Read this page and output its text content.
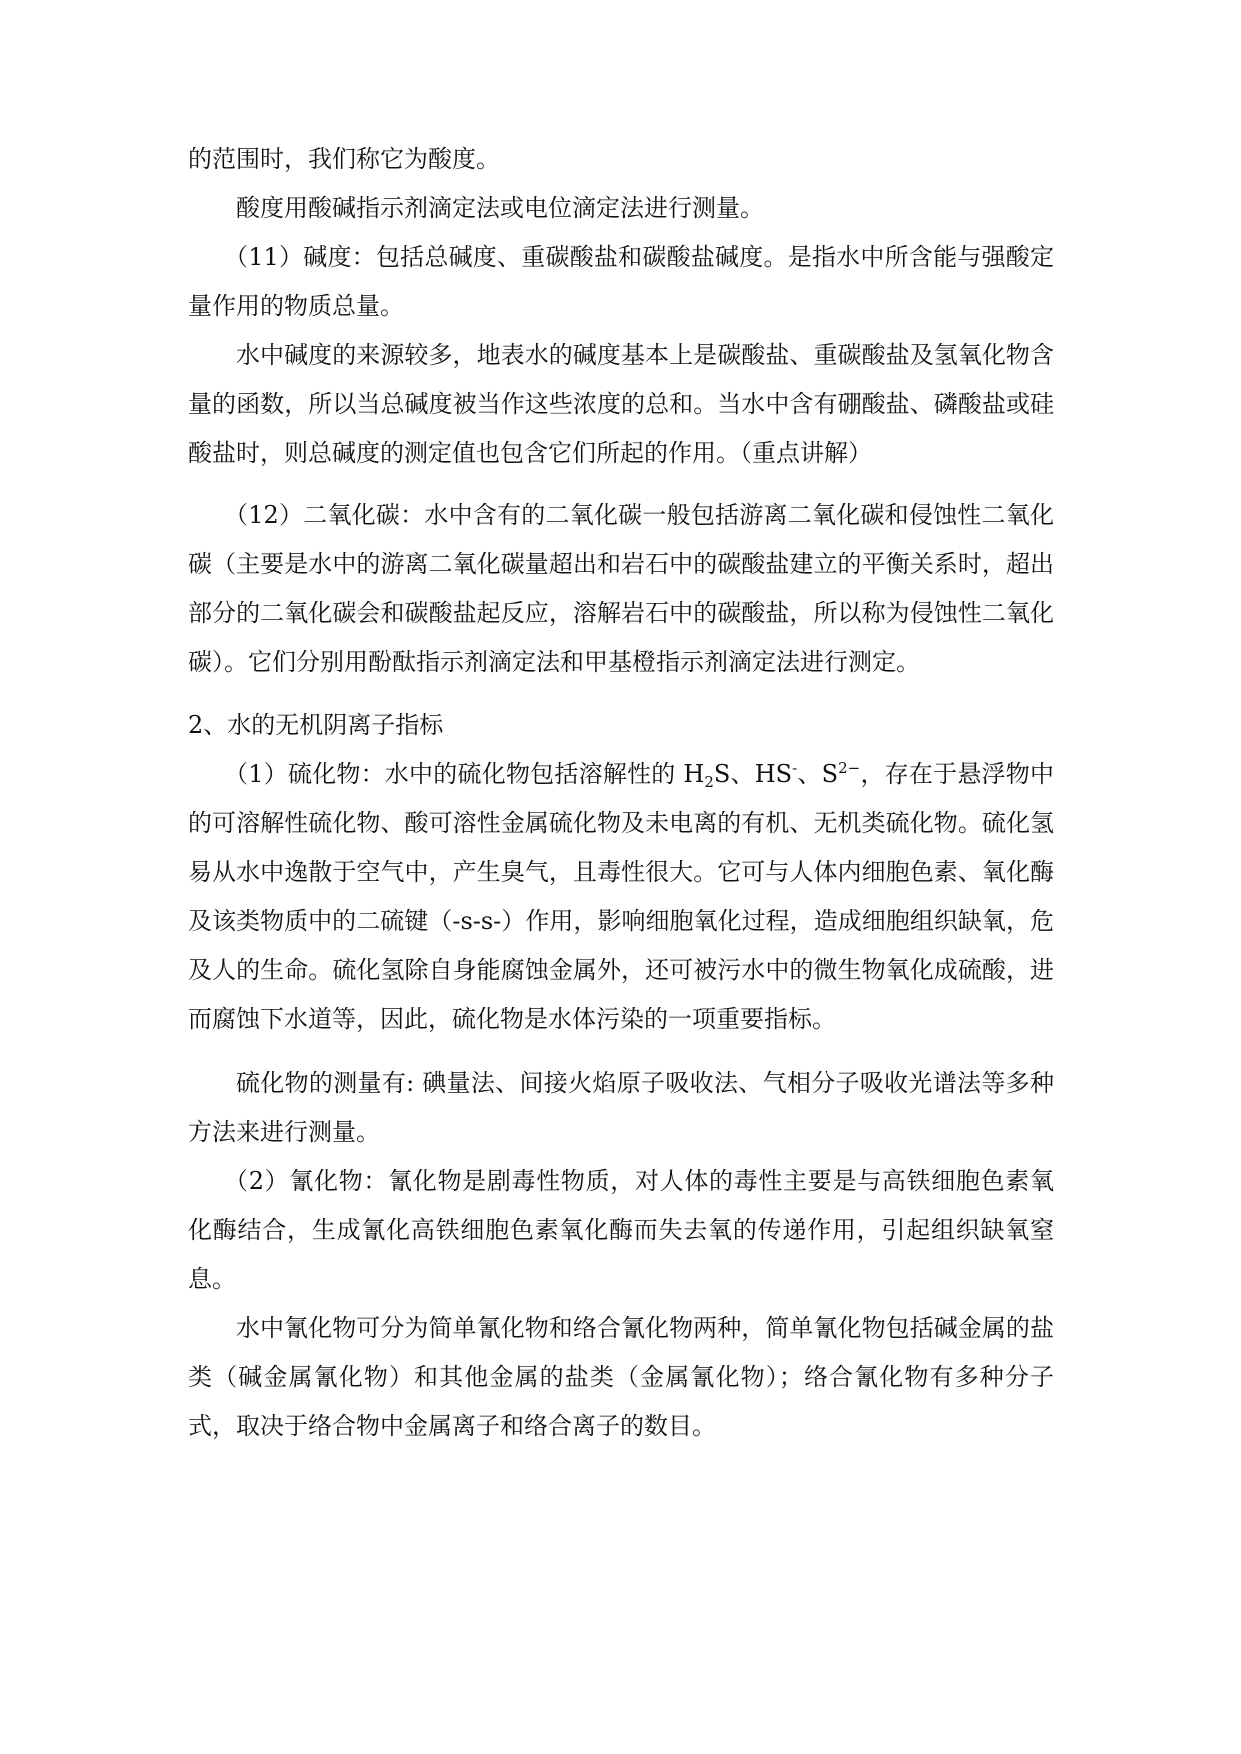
的范围时，我们称它为酸度。

酸度用酸碱指示剂滴定法或电位滴定法进行测量。

（11）碱度：包括总碱度、重碳酸盐和碳酸盐碱度。是指水中所含能与强酸定量作用的物质总量。

水中碱度的来源较多，地表水的碱度基本上是碳酸盐、重碳酸盐及氢氧化物含量的函数，所以当总碱度被当作这些浓度的总和。当水中含有硼酸盐、磷酸盐或硅酸盐时，则总碱度的测定值也包含它们所起的作用。（重点讲解）

（12）二氧化碳：水中含有的二氧化碳一般包括游离二氧化碳和侵蚀性二氧化碳（主要是水中的游离二氧化碳量超出和岩石中的碳酸盐建立的平衡关系时，超出部分的二氧化碳会和碳酸盐起反应，溶解岩石中的碳酸盐，所以称为侵蚀性二氧化碳）。它们分别用酚酞指示剂滴定法和甲基橙指示剂滴定法进行测定。

2、水的无机阴离子指标

（1）硫化物：水中的硫化物包括溶解性的 $H_2S$、HS-、$S^{2-}$，存在于悬浮物中的可溶解性硫化物、酸可溶性金属硫化物及未电离的有机、无机类硫化物。硫化氢易从水中逸散于空气中，产生臭气，且毒性很大。它可与人体内细胞色素、氧化酶及该类物质中的二硫键（-s-s-）作用，影响细胞氧化过程，造成细胞组织缺氧，危及人的生命。硫化氢除自身能腐蚀金属外，还可被污水中的微生物氧化成硫酸，进而腐蚀下水道等，因此，硫化物是水体污染的一项重要指标。

硫化物的测量有: 碘量法、间接火焰原子吸收法、气相分子吸收光谱法等多种方法来进行测量。

（2）氰化物：氰化物是剧毒性物质，对人体的毒性主要是与高铁细胞色素氧化酶结合，生成氰化高铁细胞色素氧化酶而失去氧的传递作用，引起组织缺氧窒息。

水中氰化物可分为简单氰化物和络合氰化物两种，简单氰化物包括碱金属的盐类（碱金属氰化物）和其他金属的盐类（金属氰化物）；络合氰化物有多种分子式，取决于络合物中金属离子和络合离子的数目。
